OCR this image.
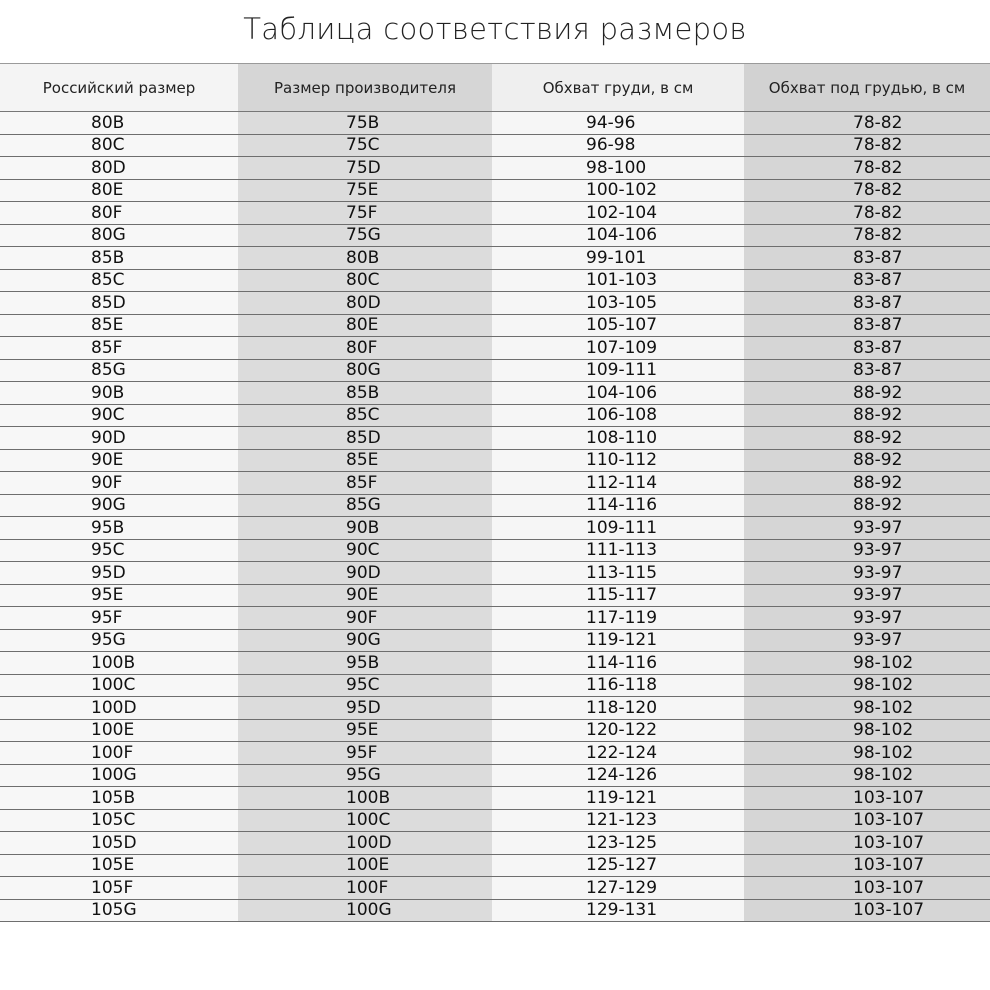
Таблица соответствия размеров
Российский размер	Размер производителя	Обхват груди, в см	Обхват под грудью, в см
80B	75B	94-96	78-82
80C	75C	96-98	78-82
80D	75D	98-100	78-82
80E	75E	100-102	78-82
80F	75F	102-104	78-82
80G	75G	104-106	78-82
85B	80B	99-101	83-87
85C	80C	101-103	83-87
85D	80D	103-105	83-87
85E	80E	105-107	83-87
85F	80F	107-109	83-87
85G	80G	109-111	83-87
90B	85B	104-106	88-92
90C	85C	106-108	88-92
90D	85D	108-110	88-92
90E	85E	110-112	88-92
90F	85F	112-114	88-92
90G	85G	114-116	88-92
95B	90B	109-111	93-97
95C	90C	111-113	93-97
95D	90D	113-115	93-97
95E	90E	115-117	93-97
95F	90F	117-119	93-97
95G	90G	119-121	93-97
100B	95B	114-116	98-102
100C	95C	116-118	98-102
100D	95D	118-120	98-102
100E	95E	120-122	98-102
100F	95F	122-124	98-102
100G	95G	124-126	98-102
105B	100B	119-121	103-107
105C	100C	121-123	103-107
105D	100D	123-125	103-107
105E	100E	125-127	103-107
105F	100F	127-129	103-107
105G	100G	129-131	103-107
